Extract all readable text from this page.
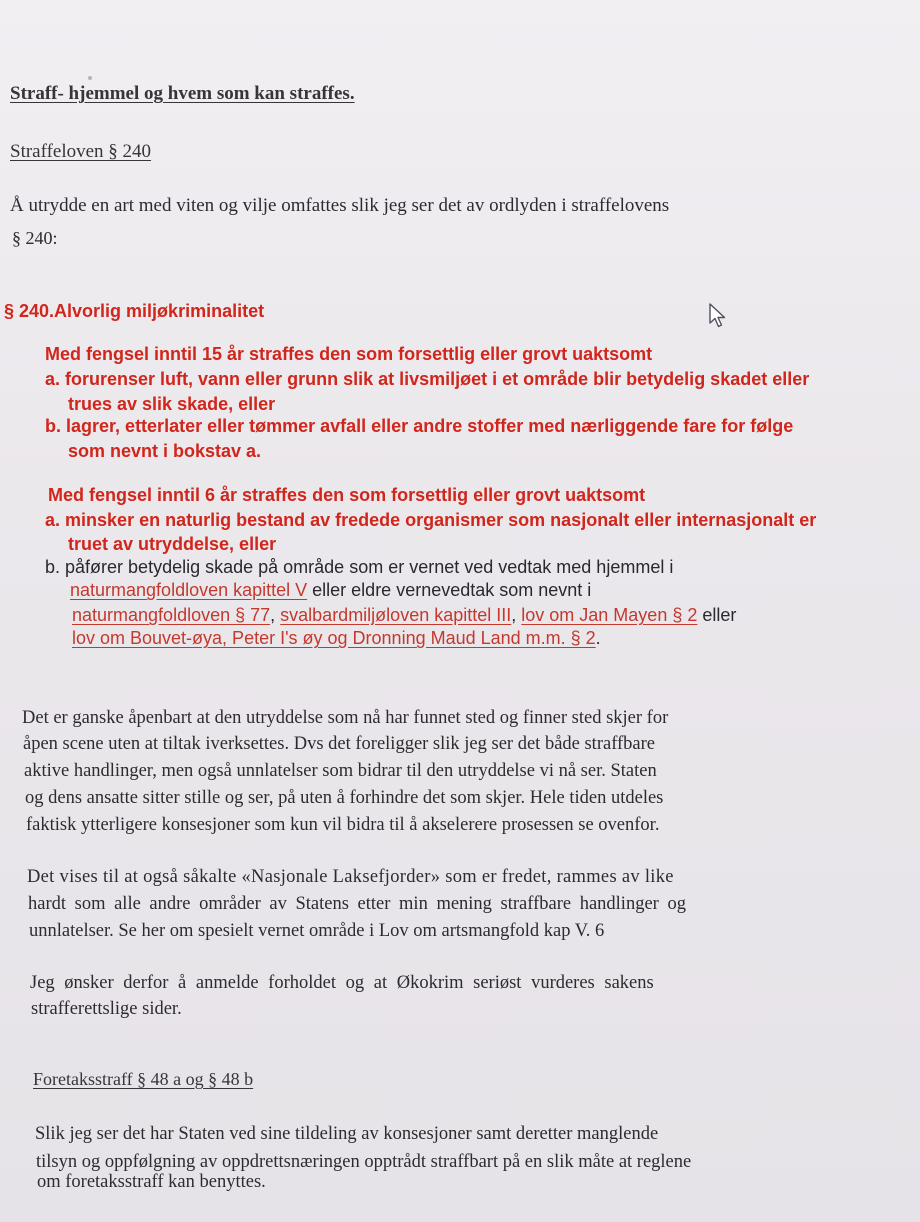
Straff- hjemmel og hvem som kan straffes.
Straffeloven § 240
Å utrydde en art med viten og vilje omfattes slik jeg ser det av ordlyden i straffelovens
§ 240:
§ 240.Alvorlig miljøkriminalitet
Med fengsel inntil 15 år straffes den som forsettlig eller grovt uaktsomt
a. forurenser luft, vann eller grunn slik at livsmiljøet i et område blir betydelig skadet eller
trues av slik skade, eller
b. lagrer, etterlater eller tømmer avfall eller andre stoffer med nærliggende fare for følge
som nevnt i bokstav a.
Med fengsel inntil 6 år straffes den som forsettlig eller grovt uaktsomt
a. minsker en naturlig bestand av fredede organismer som nasjonalt eller internasjonalt er
truet av utryddelse, eller
b. påfører betydelig skade på område som er vernet ved vedtak med hjemmel i
naturmangfoldloven kapittel V eller eldre vernevedtak som nevnt i
naturmangfoldloven § 77, svalbardmiljøloven kapittel III, lov om Jan Mayen § 2 eller
lov om Bouvet-øya, Peter I's øy og Dronning Maud Land m.m. § 2.
Det er ganske åpenbart at den utryddelse som nå har funnet sted og finner sted skjer for
åpen scene uten at tiltak iverksettes. Dvs det foreligger slik jeg ser det både straffbare
aktive handlinger, men også unnlatelser som bidrar til den utryddelse vi nå ser. Staten
og dens ansatte sitter stille og ser, på uten å forhindre det som skjer. Hele tiden utdeles
faktisk ytterligere konsesjoner som kun vil bidra til å akselerere prosessen se ovenfor.
Det vises til at også såkalte «Nasjonale Laksefjorder» som er fredet, rammes av like
hardt som alle andre områder av Statens etter min mening straffbare handlinger og
unnlatelser. Se her om spesielt vernet område i Lov om artsmangfold kap V. 6
Jeg ønsker derfor å anmelde forholdet og at Økokrim seriøst vurderes sakens
strafferettslige sider.
Foretaksstraff § 48 a og § 48 b
Slik jeg ser det har Staten ved sine tildeling av konsesjoner samt deretter manglende
tilsyn og oppfølgning av oppdrettsnæringen opptrådt straffbart på en slik måte at reglene
om foretaksstraff kan benyttes.
